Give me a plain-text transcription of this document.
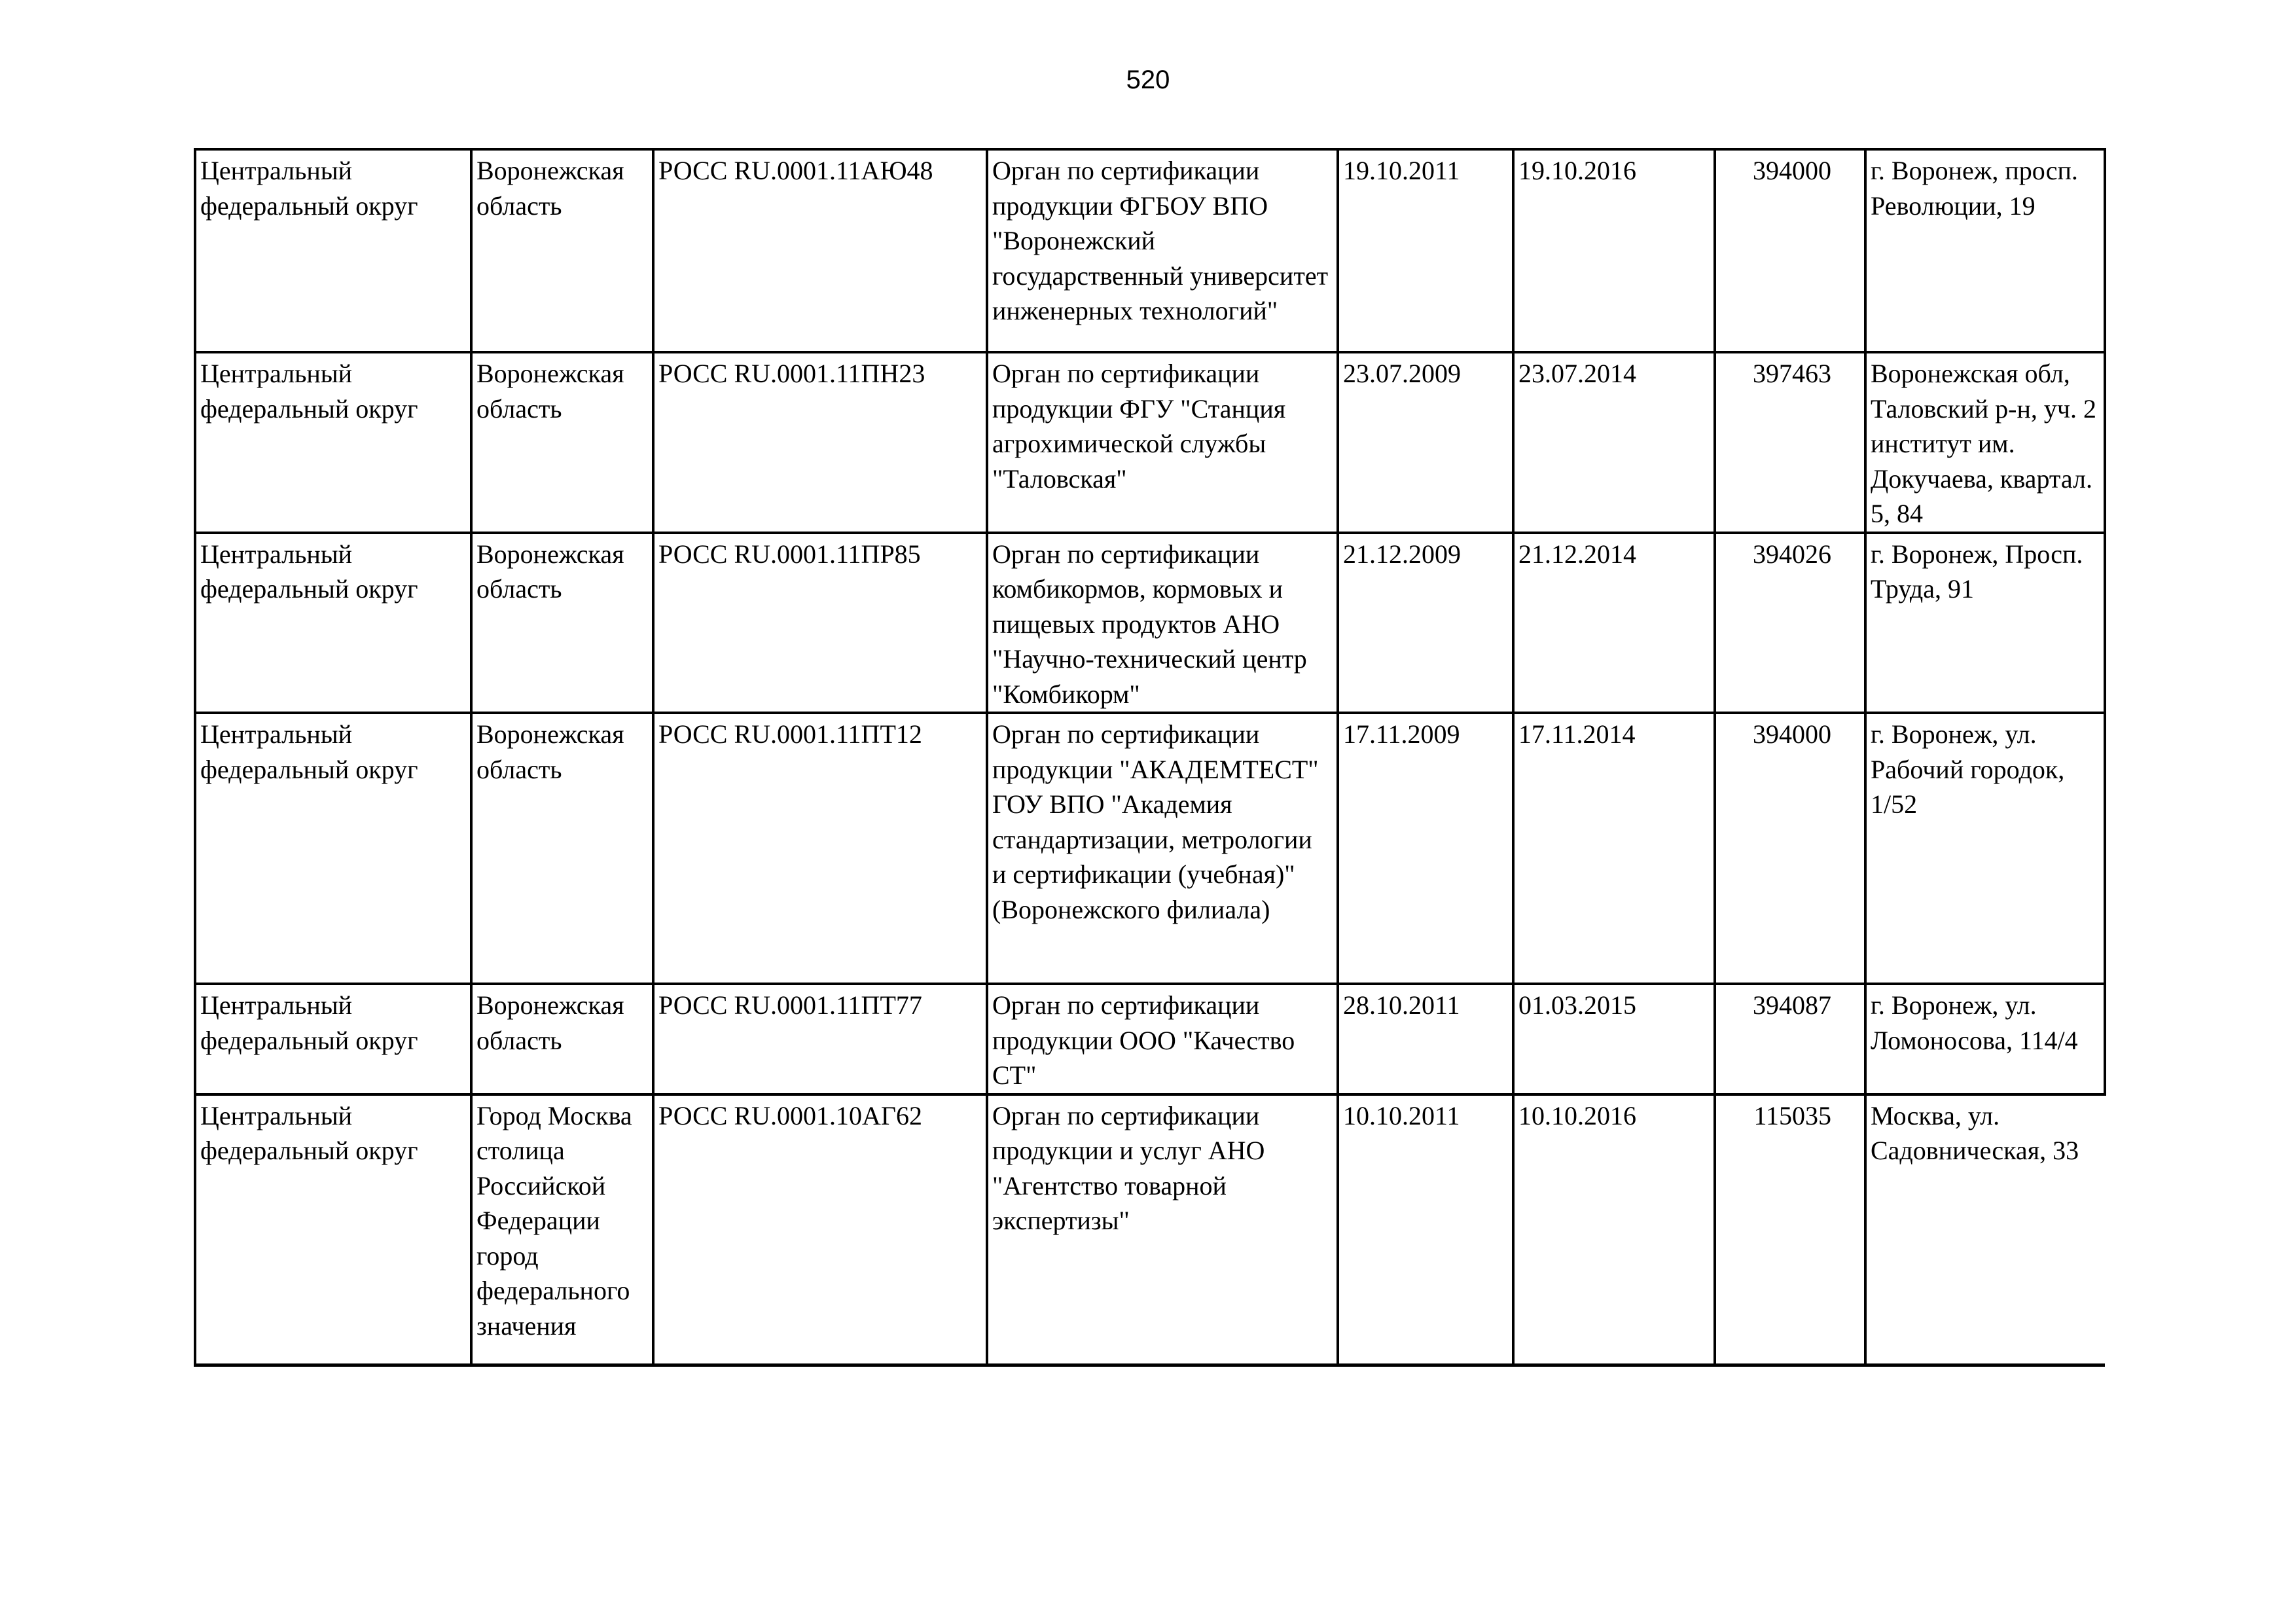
520
Центральный федеральный округ	Воронежская область	РОСС RU.0001.11АЮ48	Орган по сертификации продукции ФГБОУ ВПО "Воронежский государственный университет инженерных технологий"	19.10.2011	19.10.2016	394000	г. Воронеж, просп. Революции, 19

Центральный федеральный округ	Воронежская область	РОСС RU.0001.11ПН23	Орган по сертификации продукции ФГУ "Станция агрохимической службы "Таловская"	23.07.2009	23.07.2014	397463	Воронежская обл, Таловский р-н, уч. 2 институт им. Докучаева, квартал. 5, 84

Центральный федеральный округ	Воронежская область	РОСС RU.0001.11ПР85	Орган по сертификации комбикормов, кормовых и пищевых продуктов АНО "Научно-технический центр "Комбикорм"	21.12.2009	21.12.2014	394026	г. Воронеж, Просп. Труда, 91

Центральный федеральный округ	Воронежская область	РОСС RU.0001.11ПТ12	Орган по сертификации продукции "АКАДЕМТЕСТ" ГОУ ВПО "Академия стандартизации, метрологии и сертификации (учебная)" (Воронежского филиала)	17.11.2009	17.11.2014	394000	г. Воронеж, ул. Рабочий городок, 1/52

Центральный федеральный округ	Воронежская область	РОСС RU.0001.11ПТ77	Орган по сертификации продукции ООО "Качество СТ"	28.10.2011	01.03.2015	394087	г. Воронеж, ул. Ломоносова, 114/4

Центральный федеральный округ	Город Москва столица Российской Федерации город федерального значения	РОСС RU.0001.10АГ62	Орган по сертификации продукции и услуг АНО "Агентство товарной экспертизы"	10.10.2011	10.10.2016	115035	Москва, ул. Садовническая, 33
